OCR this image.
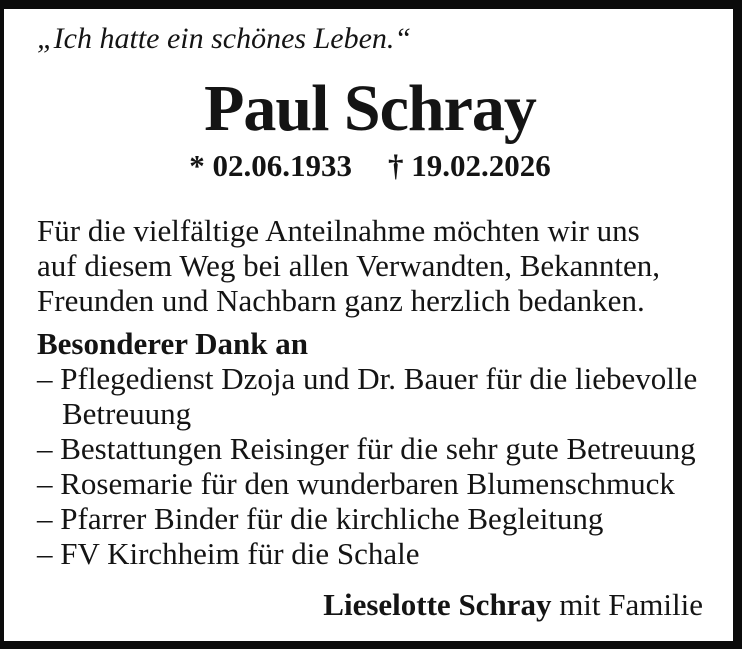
„Ich hatte ein schönes Leben.“
Paul Schray
* 02.06.1933 † 19.02.2026
Für die vielfältige Anteilnahme möchten wir uns
auf diesem Weg bei allen Verwandten, Bekannten,
Freunden und Nachbarn ganz herzlich bedanken.
Besonderer Dank an
– Pflegedienst Dzoja und Dr. Bauer für die liebevolle
Betreuung
– Bestattungen Reisinger für die sehr gute Betreuung
– Rosemarie für den wunderbaren Blumenschmuck
– Pfarrer Binder für die kirchliche Begleitung
– FV Kirchheim für die Schale
Lieselotte Schray mit Familie
